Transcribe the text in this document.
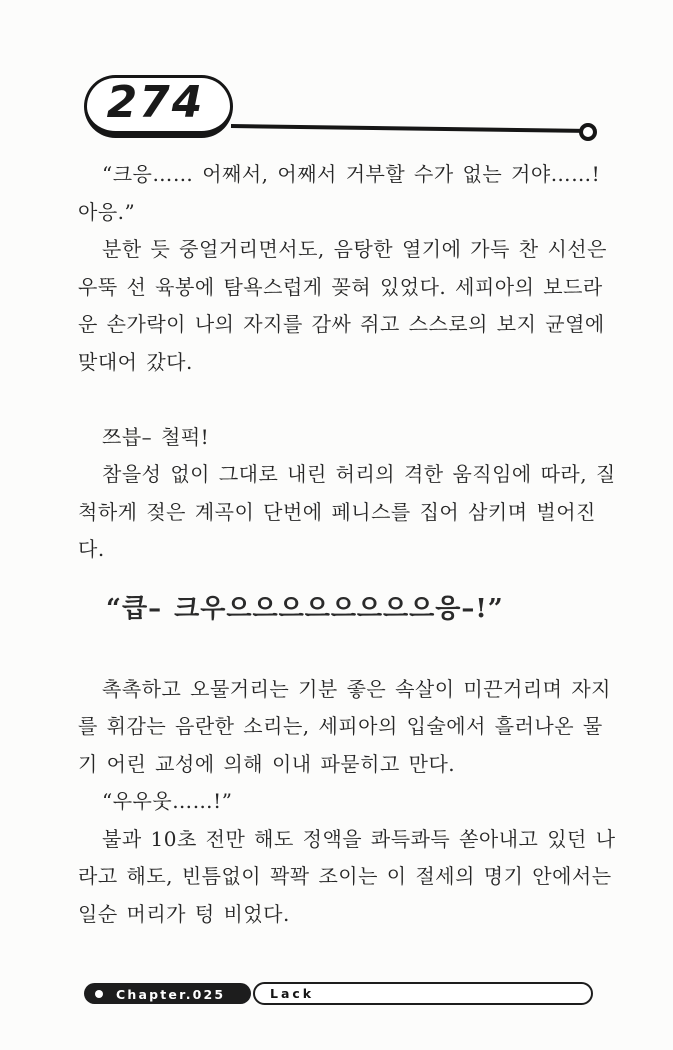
274
“크응…… 어째서, 어째서 거부할 수가 없는 거야……!
아응.”
분한 듯 중얼거리면서도, 음탕한 열기에 가득 찬 시선은
우뚝 선 육봉에 탐욕스럽게 꽂혀 있었다. 세피아의 보드라
운 손가락이 나의 자지를 감싸 쥐고 스스로의 보지 균열에
맞대어 갔다.
쯔븝– 철퍽!
참을성 없이 그대로 내린 허리의 격한 움직임에 따라, 질
척하게 젖은 계곡이 단번에 페니스를 집어 삼키며 벌어진
다.
“큽– 크우으으으으으으으으응–!”
촉촉하고 오물거리는 기분 좋은 속살이 미끈거리며 자지
를 휘감는 음란한 소리는, 세피아의 입술에서 흘러나온 물
기 어린 교성에 의해 이내 파묻히고 만다.
“우우웃……!”
불과 10초 전만 해도 정액을 콰득콰득 쏟아내고 있던 나
라고 해도, 빈틈없이 꽉꽉 조이는 이 절세의 명기 안에서는
일순 머리가 텅 비었다.
Chapter.025	Lack
